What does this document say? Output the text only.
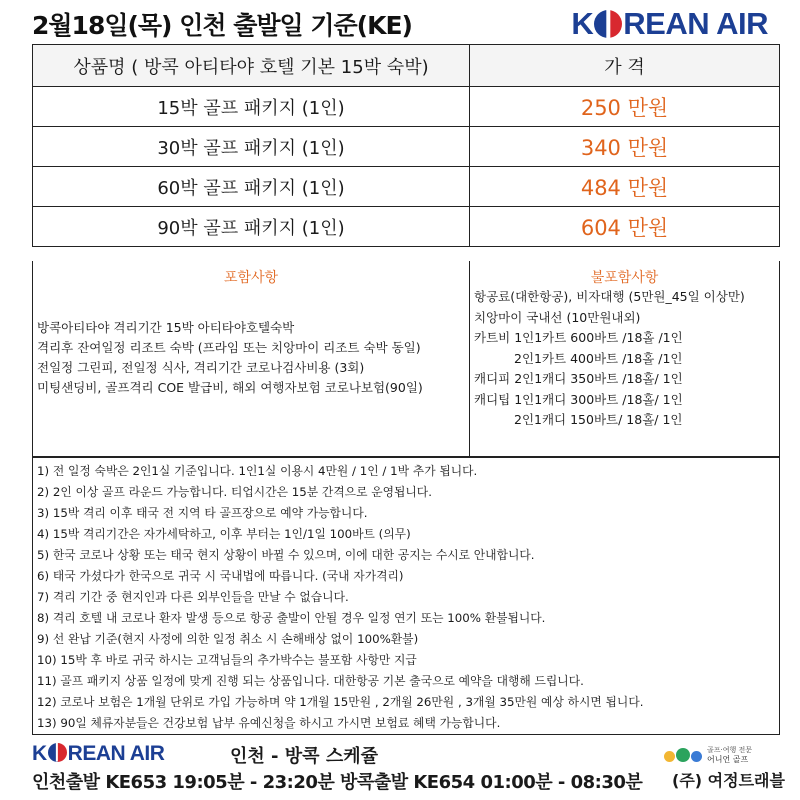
2월18일(목) 인천 출발일 기준(KE)	K REAN AIR
상품명 ( 방콕 아티타야 호텔 기본 15박 숙박)	가 격
15박 골프 패키지 (1인)	250 만원
30박 골프 패키지 (1인)	340 만원
60박 골프 패키지 (1인)	484 만원
90박 골프 패키지 (1인)	604 만원
포함사항
방콕아티타야 격리기간 15박 아티타야호텔숙박
격리후 잔여일정 리조트 숙박 (프라임 또는 치앙마이 리조트 숙박 동일)
전일정 그린피, 전일정 식사, 격리기간 코로나검사비용 (3회)
미팅샌딩비, 골프격리 COE 발급비, 해외 여행자보험 코로나보험(90일)
불포함사항
항공료(대한항공), 비자대행 (5만원_45일 이상만)
치앙마이 국내선 (10만원내외)
카트비 1인1카트 600바트 /18홀 /1인
2인1카트 400바트 /18홀 /1인
캐디피 2인1캐디 350바트 /18홀/ 1인
캐디팁 1인1캐디 300바트 /18홀/ 1인
2인1캐디 150바트/ 18홀/ 1인
1) 전 일정 숙박은 2인1실 기준입니다. 1인1실 이용시 4만원 / 1인 / 1박 추가 됩니다.
2) 2인 이상 골프 라운드 가능합니다. 티업시간은 15분 간격으로 운영됩니다.
3) 15박 격리 이후 태국 전 지역 타 골프장으로 예약 가능합니다.
4) 15박 격리기간은 자가세탁하고, 이후 부터는 1인/1일 100바트 (의무)
5) 한국 코로나 상황 또는 태국 현지 상황이 바뀔 수 있으며, 이에 대한 공지는 수시로 안내합니다.
6) 태국 가셨다가 한국으로 귀국 시 국내법에 따릅니다. (국내 자가격리)
7) 격리 기간 중 현지인과 다른 외부인들을 만날 수 없습니다.
8) 격리 호텔 내 코로나 환자 발생 등으로 항공 출발이 안될 경우 일정 연기 또는 100% 환불됩니다.
9) 선 완납 기준(현지 사정에 의한 일정 취소 시 손해배상 없이 100%환불)
10) 15박 후 바로 귀국 하시는 고객님들의 추가박수는 불포함 사항만 지급
11) 골프 패키지 상품 일정에 맞게 진행 되는 상품입니다. 대한항공 기본 출국으로 예약을 대행해 드립니다.
12) 코로나 보험은 1개월 단위로 가입 가능하며 약 1개월 15만원 , 2개월 26만원 , 3개월 35만원 예상 하시면 됩니다.
13) 90일 체류자분들은 건강보험 납부 유예신청을 하시고 가시면 보험료 혜택 가능합니다.
K REAN AIR	인천 - 방콕 스케쥴
인천출발 KE653 19:05분 - 23:20분 방콕출발 KE654 01:00분 - 08:30분
골프·여행 전문
어니언 골프
(주) 여정트래블
